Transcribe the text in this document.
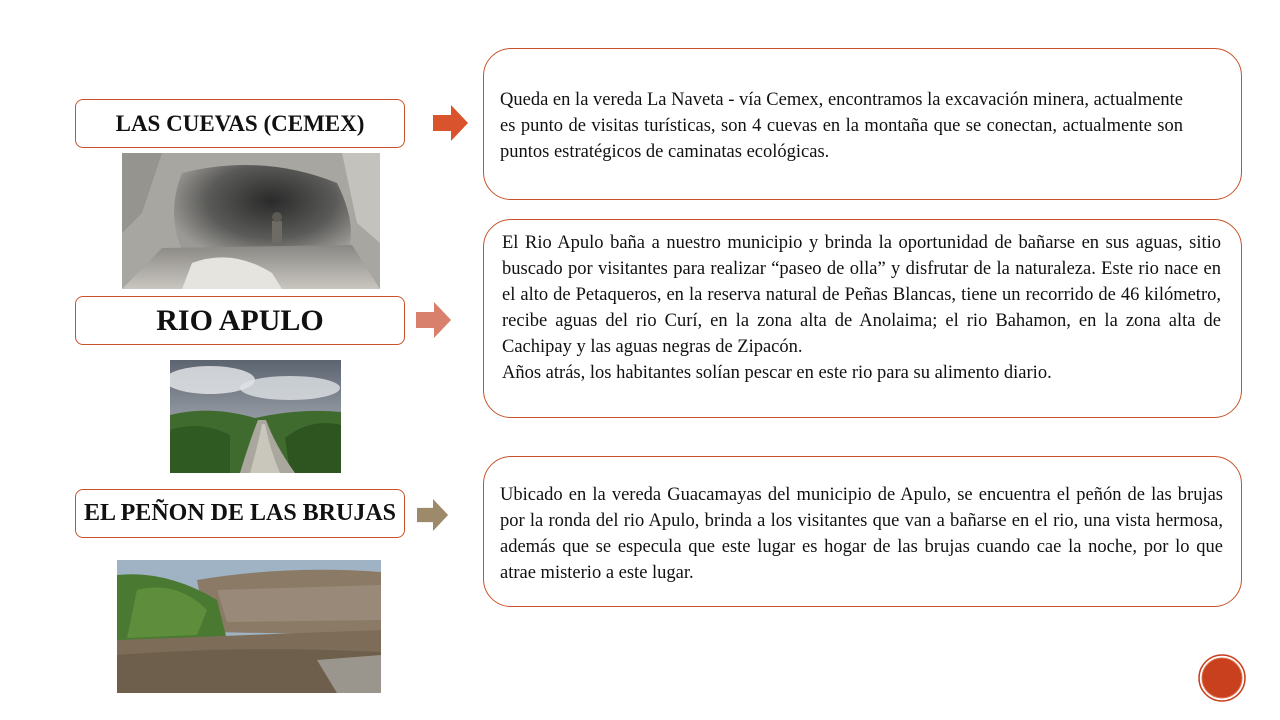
LAS CUEVAS (CEMEX)
Queda en la vereda La Naveta - vía Cemex, encontramos la excavación minera, actualmente es punto de visitas turísticas, son 4 cuevas en la montaña que se conectan, actualmente son puntos estratégicos de caminatas ecológicas.
RIO APULO
El Rio Apulo baña a nuestro municipio y brinda la oportunidad de bañarse en sus aguas, sitio buscado por visitantes para realizar “paseo de olla” y disfrutar de la naturaleza. Este rio nace en el alto de Petaqueros, en la reserva natural de Peñas Blancas, tiene un recorrido de 46 kilómetro, recibe aguas del rio Curí, en la zona alta de Anolaima; el rio Bahamon, en la zona alta de Cachipay y las aguas negras de Zipacón.
Años atrás, los habitantes solían pescar en este rio para su alimento diario.
EL PEÑON DE LAS BRUJAS
Ubicado en la vereda Guacamayas del municipio de Apulo, se encuentra el peñón de las brujas por la ronda del rio Apulo, brinda a los visitantes que van a bañarse en el rio, una vista hermosa, además que se especula que este lugar es hogar de las brujas cuando cae la noche, por lo que atrae misterio a este lugar.
